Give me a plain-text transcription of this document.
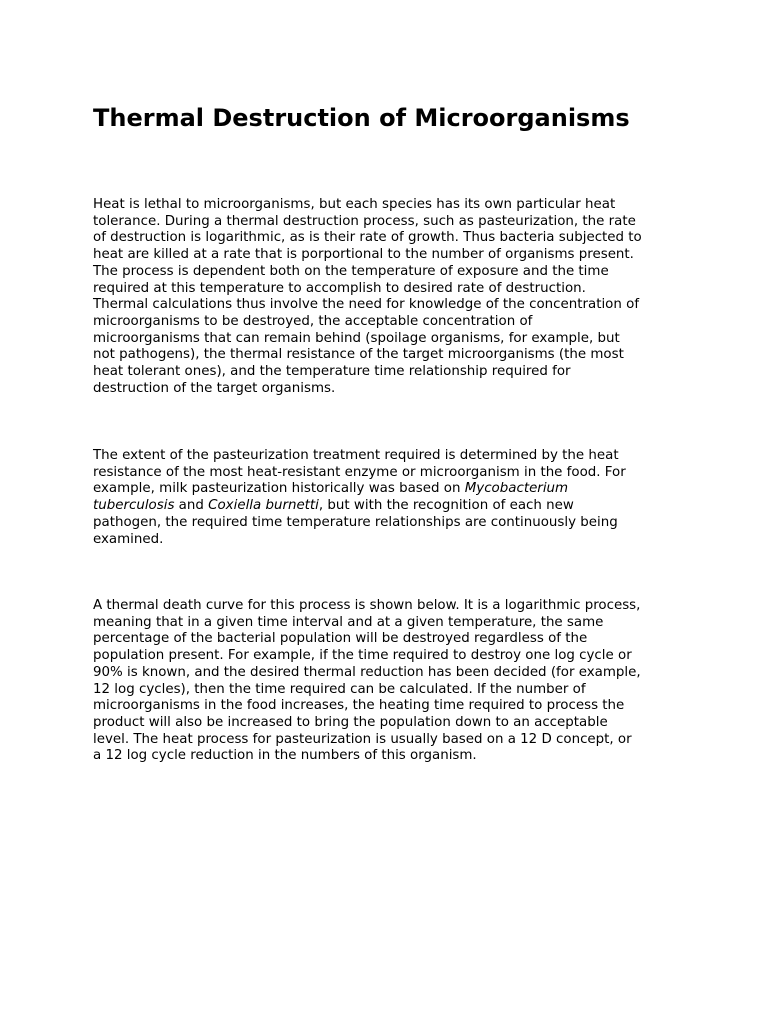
Thermal Destruction of Microorganisms

Heat is lethal to microorganisms, but each species has its own particular heat
tolerance. During a thermal destruction process, such as pasteurization, the rate
of destruction is logarithmic, as is their rate of growth. Thus bacteria subjected to
heat are killed at a rate that is porportional to the number of organisms present.
The process is dependent both on the temperature of exposure and the time
required at this temperature to accomplish to desired rate of destruction.
Thermal calculations thus involve the need for knowledge of the concentration of
microorganisms to be destroyed, the acceptable concentration of
microorganisms that can remain behind (spoilage organisms, for example, but
not pathogens), the thermal resistance of the target microorganisms (the most
heat tolerant ones), and the temperature time relationship required for
destruction of the target organisms.

The extent of the pasteurization treatment required is determined by the heat
resistance of the most heat-resistant enzyme or microorganism in the food. For
example, milk pasteurization historically was based on Mycobacterium
tuberculosis and Coxiella burnetti, but with the recognition of each new
pathogen, the required time temperature relationships are continuously being
examined.

A thermal death curve for this process is shown below. It is a logarithmic process,
meaning that in a given time interval and at a given temperature, the same
percentage of the bacterial population will be destroyed regardless of the
population present. For example, if the time required to destroy one log cycle or
90% is known, and the desired thermal reduction has been decided (for example,
12 log cycles), then the time required can be calculated. If the number of
microorganisms in the food increases, the heating time required to process the
product will also be increased to bring the population down to an acceptable
level. The heat process for pasteurization is usually based on a 12 D concept, or
a 12 log cycle reduction in the numbers of this organism.
